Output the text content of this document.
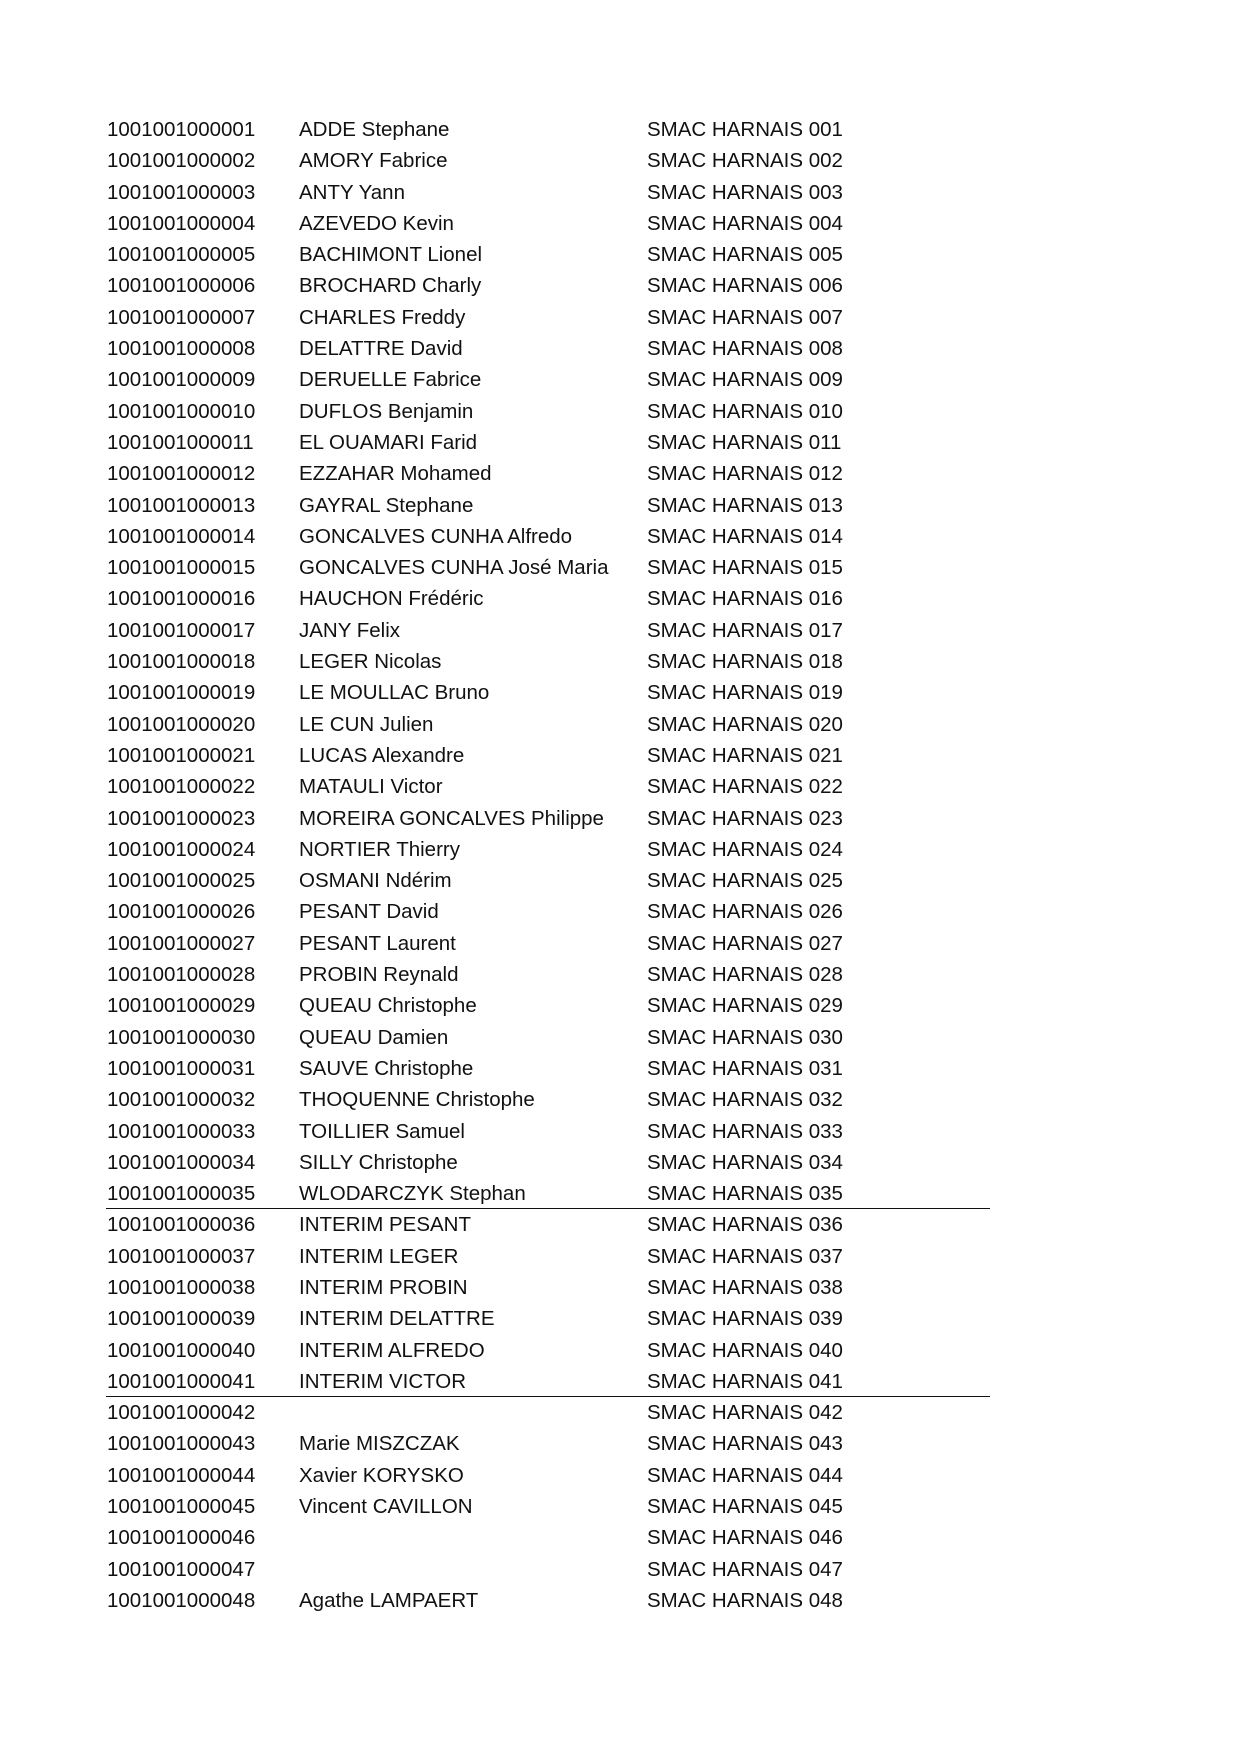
1001001000001 ADDE Stephane	SMAC HARNAIS 001
1001001000002 AMORY Fabrice	SMAC HARNAIS 002
1001001000003 ANTY Yann	SMAC HARNAIS 003
1001001000004 AZEVEDO Kevin	SMAC HARNAIS 004
1001001000005 BACHIMONT Lionel	SMAC HARNAIS 005
1001001000006 BROCHARD Charly	SMAC HARNAIS 006
1001001000007 CHARLES Freddy	SMAC HARNAIS 007
1001001000008 DELATTRE David	SMAC HARNAIS 008
1001001000009 DERUELLE Fabrice	SMAC HARNAIS 009
1001001000010 DUFLOS Benjamin	SMAC HARNAIS 010
1001001000011 EL OUAMARI Farid	SMAC HARNAIS 011
1001001000012 EZZAHAR Mohamed	SMAC HARNAIS 012
1001001000013 GAYRAL Stephane	SMAC HARNAIS 013
1001001000014 GONCALVES CUNHA Alfredo	SMAC HARNAIS 014
1001001000015 GONCALVES CUNHA José Maria SMAC HARNAIS 015
1001001000016 HAUCHON Frédéric	SMAC HARNAIS 016
1001001000017 JANY Felix	SMAC HARNAIS 017
1001001000018 LEGER Nicolas	SMAC HARNAIS 018
1001001000019 LE MOULLAC Bruno	SMAC HARNAIS 019
1001001000020 LE CUN Julien	SMAC HARNAIS 020
1001001000021 LUCAS Alexandre	SMAC HARNAIS 021
1001001000022 MATAULI Victor	SMAC HARNAIS 022
1001001000023 MOREIRA GONCALVES Philippe SMAC HARNAIS 023
1001001000024 NORTIER Thierry	SMAC HARNAIS 024
1001001000025 OSMANI Ndérim	SMAC HARNAIS 025
1001001000026 PESANT David	SMAC HARNAIS 026
1001001000027 PESANT Laurent	SMAC HARNAIS 027
1001001000028 PROBIN Reynald	SMAC HARNAIS 028
1001001000029 QUEAU Christophe	SMAC HARNAIS 029
1001001000030 QUEAU Damien	SMAC HARNAIS 030
1001001000031 SAUVE Christophe	SMAC HARNAIS 031
1001001000032 THOQUENNE Christophe	SMAC HARNAIS 032
1001001000033 TOILLIER Samuel	SMAC HARNAIS 033
1001001000034 SILLY Christophe	SMAC HARNAIS 034
1001001000035 WLODARCZYK Stephan	SMAC HARNAIS 035
1001001000036 INTERIM PESANT	SMAC HARNAIS 036
1001001000037 INTERIM LEGER	SMAC HARNAIS 037
1001001000038 INTERIM PROBIN	SMAC HARNAIS 038
1001001000039 INTERIM DELATTRE	SMAC HARNAIS 039
1001001000040 INTERIM ALFREDO	SMAC HARNAIS 040
1001001000041 INTERIM VICTOR	SMAC HARNAIS 041
1001001000042	SMAC HARNAIS 042
1001001000043 Marie MISZCZAK	SMAC HARNAIS 043
1001001000044 Xavier KORYSKO	SMAC HARNAIS 044
1001001000045 Vincent CAVILLON	SMAC HARNAIS 045
1001001000046	SMAC HARNAIS 046
1001001000047	SMAC HARNAIS 047
1001001000048 Agathe LAMPAERT	SMAC HARNAIS 048
